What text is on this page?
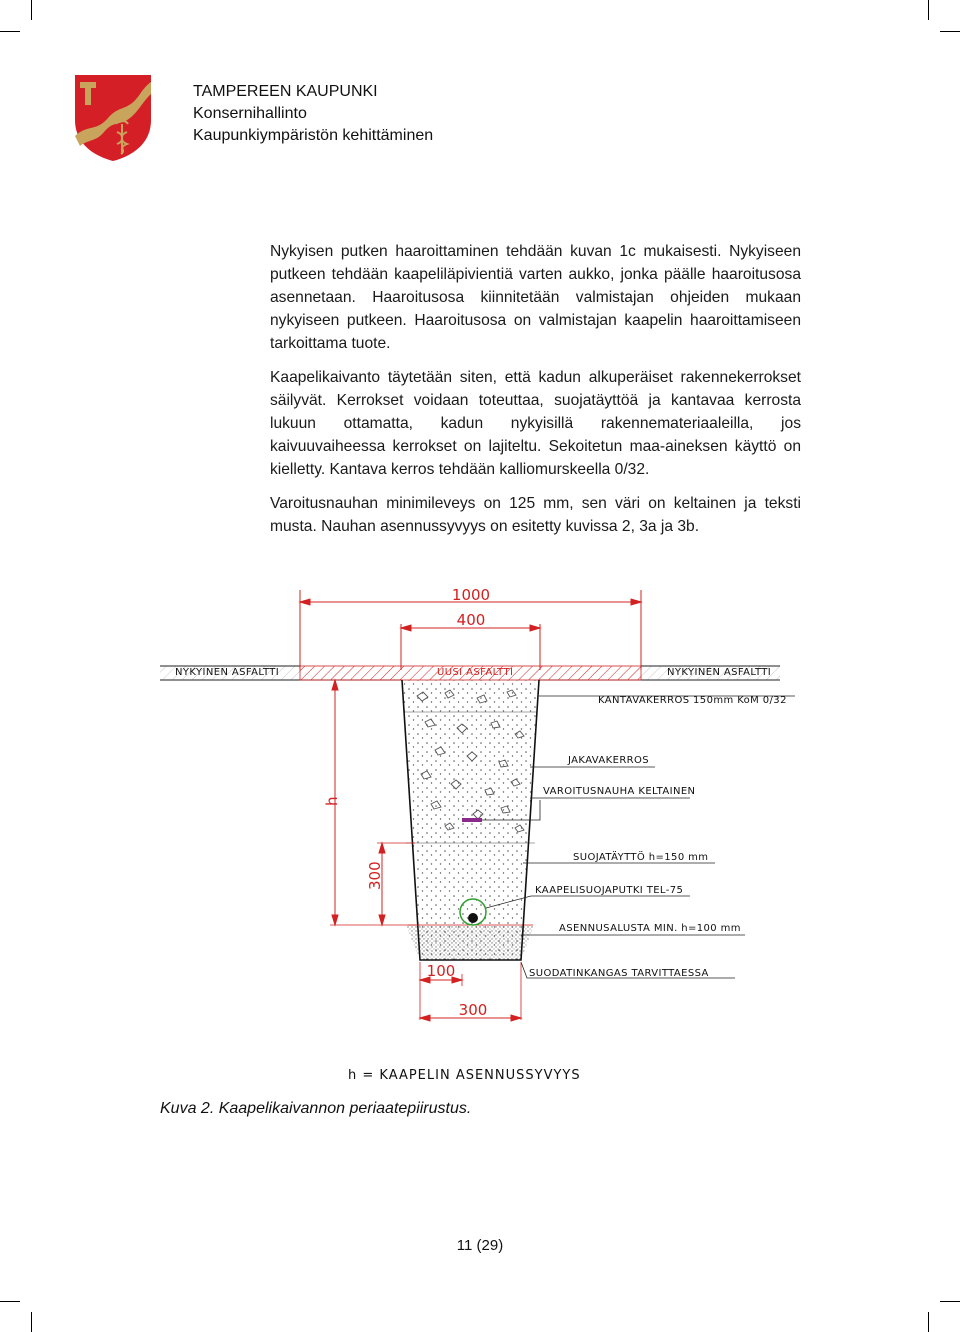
TAMPEREEN KAUPUNKI
Konsernihallinto
Kaupunkiympäristön kehittäminen

Nykyisen putken haaroittaminen tehdään kuvan 1c mukaisesti. Nykyiseen putkeen tehdään kaapeliläpivientiä varten aukko, jonka päälle haaroitusosa asennetaan. Haaroitusosa kiinnitetään valmistajan ohjeiden mukaan nykyiseen putkeen. Haaroitusosa on valmistajan kaapelin haaroittamiseen tarkoittama tuote.

Kaapelikaivanto täytetään siten, että kadun alkuperäiset rakennekerrokset säilyvät. Kerrokset voidaan toteuttaa, suojatäyttöä ja kantavaa kerrosta lukuun ottamatta, kadun nykyisillä rakennemateriaaleilla, jos kaivuuvaiheessa kerrokset on lajiteltu. Sekoitetun maa-aineksen käyttö on kielletty. Kantava kerros tehdään kalliomurskeella 0/32.

Varoitusnauhan minimileveys on 125 mm, sen väri on keltainen ja teksti musta. Nauhan asennussyvyys on esitetty kuvissa 2, 3a ja 3b.

1000
400
NYKYINEN ASFALTTI	UUSI ASFALTTI	NYKYINEN ASFALTTI
KANTAVAKERROS 150mm KoM 0/32
JAKAVAKERROS
VAROITUSNAUHA KELTAINEN
SUOJATÄYTTÖ h=150 mm
KAAPELISUOJAPUTKI TEL-75
ASENNUSALUSTA MIN. h=100 mm
SUODATINKANGAS TARVITTAESSA
h
300
100
300
h = KAAPELIN ASENNUSSYVYYS
Kuva 2. Kaapelikaivannon periaatepiirustus.
11 (29)
